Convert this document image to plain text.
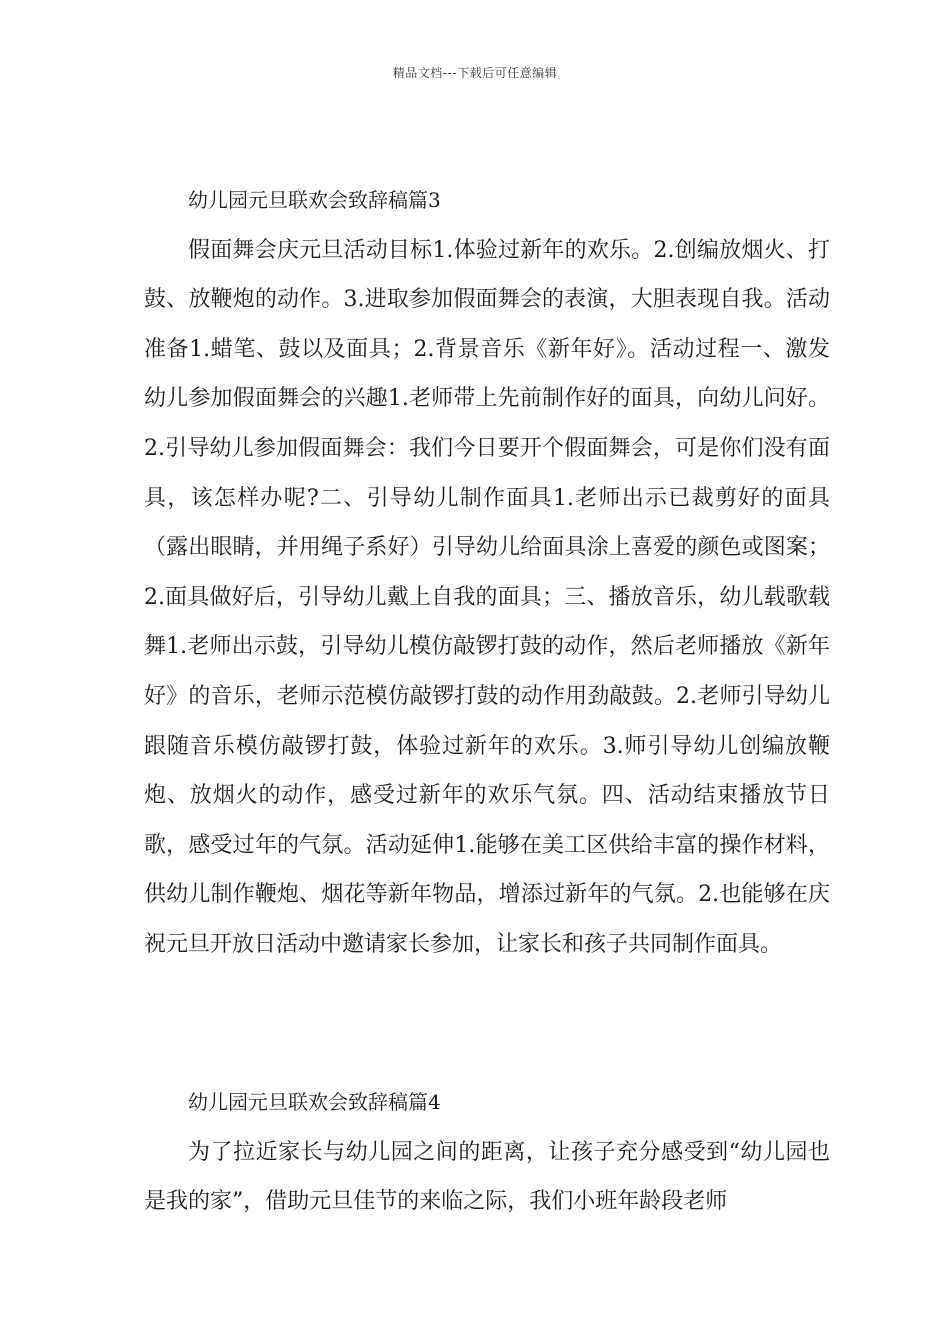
精品文档---下载后可任意编辑
幼儿园元旦联欢会致辞稿篇3

假面舞会庆元旦活动目标1.体验过新年的欢乐。2.创编放烟火、打鼓、放鞭炮的动作。3.进取参加假面舞会的表演，大胆表现自我。活动准备1.蜡笔、鼓以及面具；2.背景音乐《新年好》。活动过程一、激发幼儿参加假面舞会的兴趣1.老师带上先前制作好的面具，向幼儿问好。2.引导幼儿参加假面舞会：我们今日要开个假面舞会，可是你们没有面具，该怎样办呢?二、引导幼儿制作面具1.老师出示已裁剪好的面具（露出眼睛，并用绳子系好）引导幼儿给面具涂上喜爱的颜色或图案；2.面具做好后，引导幼儿戴上自我的面具；三、播放音乐，幼儿载歌载舞1.老师出示鼓，引导幼儿模仿敲锣打鼓的动作，然后老师播放《新年好》的音乐，老师示范模仿敲锣打鼓的动作用劲敲鼓。2.老师引导幼儿跟随音乐模仿敲锣打鼓，体验过新年的欢乐。3.师引导幼儿创编放鞭炮、放烟火的动作，感受过新年的欢乐气氛。四、活动结束播放节日歌，感受过年的气氛。活动延伸1.能够在美工区供给丰富的操作材料，供幼儿制作鞭炮、烟花等新年物品，增添过新年的气氛。2.也能够在庆祝元旦开放日活动中邀请家长参加，让家长和孩子共同制作面具。

幼儿园元旦联欢会致辞稿篇4

为了拉近家长与幼儿园之间的距离，让孩子充分感受到“幼儿园也是我的家”，借助元旦佳节的来临之际，我们小班年龄段老师
